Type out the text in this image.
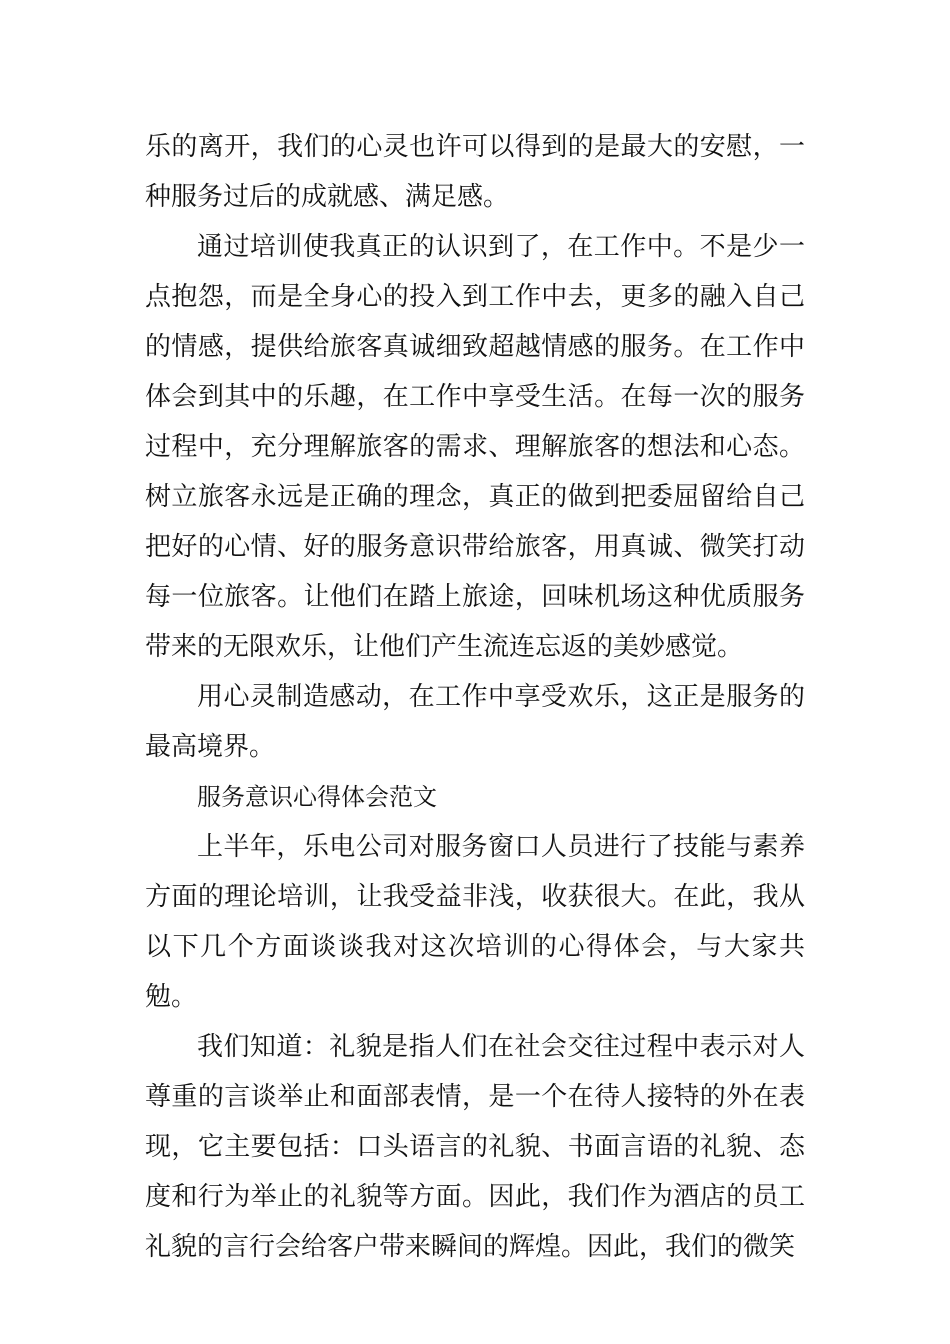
乐的离开，我们的心灵也许可以得到的是最大的安慰，一种服务过后的成就感、满足感。

通过培训使我真正的认识到了，在工作中。不是少一点抱怨，而是全身心的投入到工作中去，更多的融入自己的情感，提供给旅客真诚细致超越情感的服务。在工作中体会到其中的乐趣，在工作中享受生活。在每一次的服务过程中，充分理解旅客的需求、理解旅客的想法和心态。树立旅客永远是正确的理念，真正的做到把委屈留给自己把好的心情、好的服务意识带给旅客，用真诚、微笑打动每一位旅客。让他们在踏上旅途，回味机场这种优质服务带来的无限欢乐，让他们产生流连忘返的美妙感觉。

用心灵制造感动，在工作中享受欢乐，这正是服务的最高境界。

服务意识心得体会范文

上半年，乐电公司对服务窗口人员进行了技能与素养方面的理论培训，让我受益非浅，收获很大。在此，我从以下几个方面谈谈我对这次培训的心得体会，与大家共勉。

我们知道：礼貌是指人们在社会交往过程中表示对人尊重的言谈举止和面部表情，是一个在待人接特的外在表现，它主要包括：口头语言的礼貌、书面言语的礼貌、态度和行为举止的礼貌等方面。因此，我们作为酒店的员工礼貌的言行会给客户带来瞬间的辉煌。因此，我们的微笑
